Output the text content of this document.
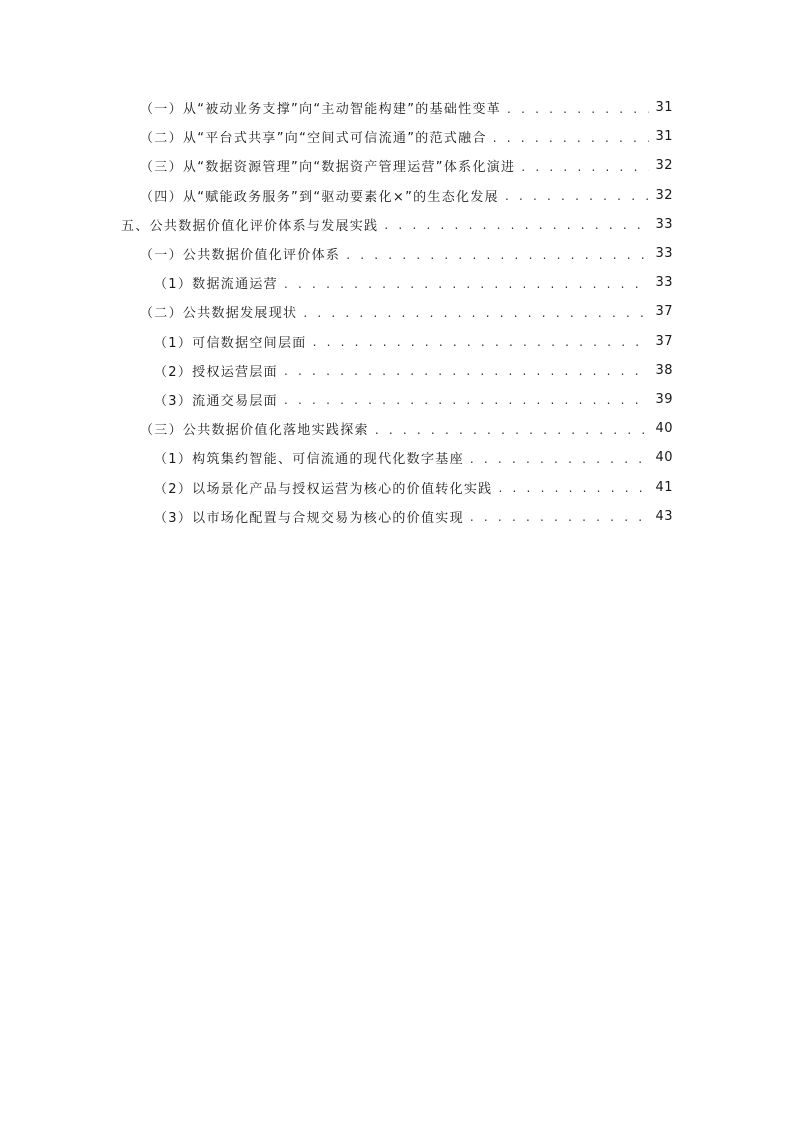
（一）从“被动业务支撑”向“主动智能构建”的基础性变革 . . .	31
（二）从“平台式共享”向“空间式可信流通”的范式融合 . . .	31
（三）从“数据资源管理”向“数据资产管理运营”体系化演进 . . .	32
（四）从“赋能政务服务”到“驱动要素化×”的生态化发展 . . .	32
五、公共数据价值化评价体系与发展实践 . . .	33
（一）公共数据价值化评价体系 . . .	33
（1）数据流通运营 . . .	33
（二）公共数据发展现状 . . .	37
（1）可信数据空间层面 . . .	37
（2）授权运营层面 . . .	38
（3）流通交易层面 . . .	39
（三）公共数据价值化落地实践探索 . . .	40
（1）构筑集约智能、可信流通的现代化数字基座 . . .	40
（2）以场景化产品与授权运营为核心的价值转化实践 . . .	41
（3）以市场化配置与合规交易为核心的价值实现 . . .	43
